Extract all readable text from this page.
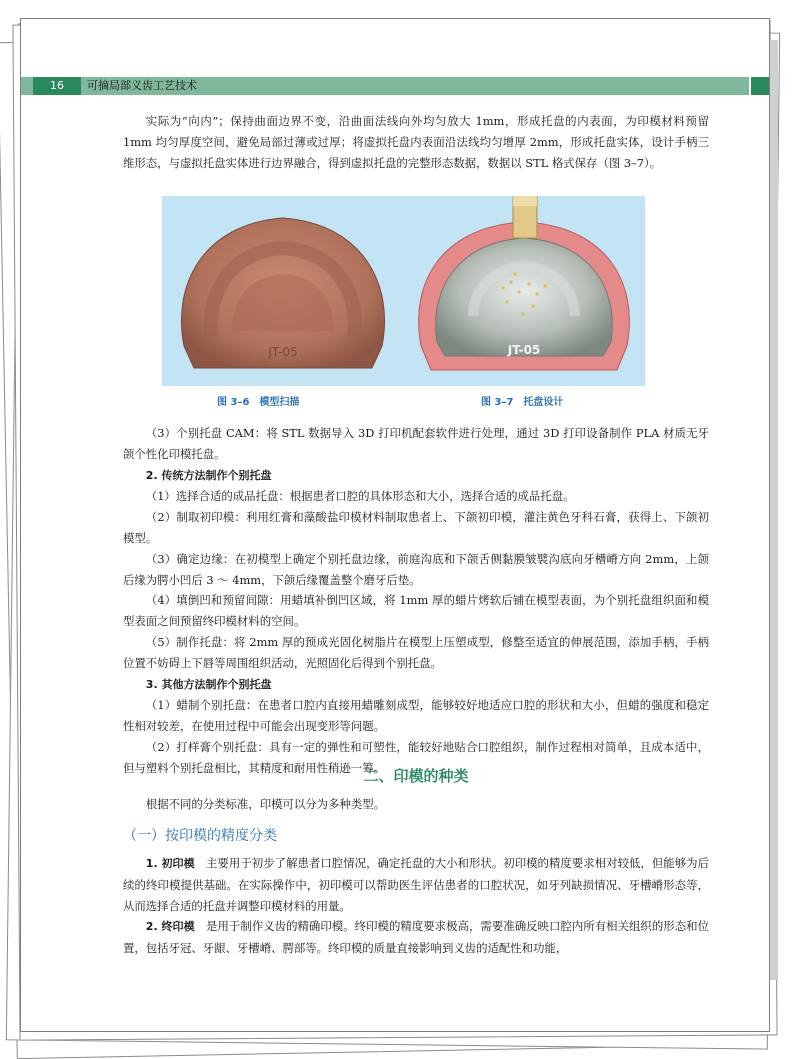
16	可摘局部义齿工艺技术

实际为“向内”；保持曲面边界不变，沿曲面法线向外均匀放大 1mm，形成托盘的内表面，为印模材料预留 1mm 均匀厚度空间，避免局部过薄或过厚；将虚拟托盘内表面沿法线均匀增厚 2mm，形成托盘实体，设计手柄三维形态，与虚拟托盘实体进行边界融合，得到虚拟托盘的完整形态数据，数据以 STL 格式保存（图 3–7）。

JT-05
图 3–6　模型扫描
JT-05
图 3–7　托盘设计

（3）个别托盘 CAM：将 STL 数据导入 3D 打印机配套软件进行处理，通过 3D 打印设备制作 PLA 材质无牙颌个性化印模托盘。

2. 传统方法制作个别托盘

（1）选择合适的成品托盘：根据患者口腔的具体形态和大小，选择合适的成品托盘。

（2）制取初印模：利用红膏和藻酸盐印模材料制取患者上、下颌初印模，灌注黄色牙科石膏，获得上、下颌初模型。

（3）确定边缘：在初模型上确定个别托盘边缘，前庭沟底和下颌舌侧黏膜皱襞沟底向牙槽嵴方向 2mm，上颌后缘为腭小凹后 3 ～ 4mm，下颌后缘覆盖整个磨牙后垫。

（4）填倒凹和预留间隙：用蜡填补倒凹区域，将 1mm 厚的蜡片烤软后铺在模型表面，为个别托盘组织面和模型表面之间预留终印模材料的空间。

（5）制作托盘：将 2mm 厚的预成光固化树脂片在模型上压塑成型，修整至适宜的伸展范围，添加手柄，手柄位置不妨碍上下唇等周围组织活动，光照固化后得到个别托盘。

3. 其他方法制作个别托盘

（1）蜡制个别托盘：在患者口腔内直接用蜡雕刻成型，能够较好地适应口腔的形状和大小，但蜡的强度和稳定性相对较差，在使用过程中可能会出现变形等问题。

（2）打样膏个别托盘：具有一定的弹性和可塑性，能较好地贴合口腔组织，制作过程相对简单，且成本适中，但与塑料个别托盘相比，其精度和耐用性稍逊一筹。

二、印模的种类

根据不同的分类标准，印模可以分为多种类型。

（一）按印模的精度分类

1. 初印模　主要用于初步了解患者口腔情况，确定托盘的大小和形状。初印模的精度要求相对较低，但能够为后续的终印模提供基础。在实际操作中，初印模可以帮助医生评估患者的口腔状况，如牙列缺损情况、牙槽嵴形态等，从而选择合适的托盘并调整印模材料的用量。

2. 终印模　是用于制作义齿的精确印模。终印模的精度要求极高，需要准确反映口腔内所有相关组织的形态和位置，包括牙冠、牙龈、牙槽嵴、腭部等。终印模的质量直接影响到义齿的适配性和功能，
